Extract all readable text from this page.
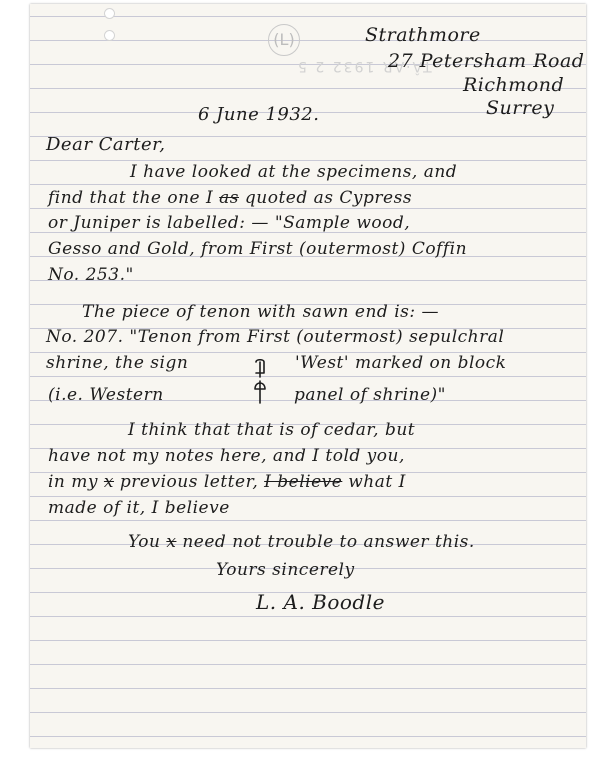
(L)
TÂ·AR 1932 2 5
Strathmore
27 Petersham Road
Richmond
Surrey
6 June 1932.
Dear Carter,
I have looked at the specimens, and
find that the one I as quoted as Cypress
or Juniper is labelled: — "Sample wood,
Gesso and Gold, from First (outermost) Coffin
No. 253."
The piece of tenon with sawn end is: —
No. 207. "Tenon from First (outermost) sepulchral
shrine, the sign	'West' marked on block
(i.e. Western	panel of shrine)"
I think that that is of cedar, but
have not my notes here, and I told you,
in my x previous letter, I believe what I
made of it, I believe
You x need not trouble to answer this.
Yours sincerely
L. A. Boodle
